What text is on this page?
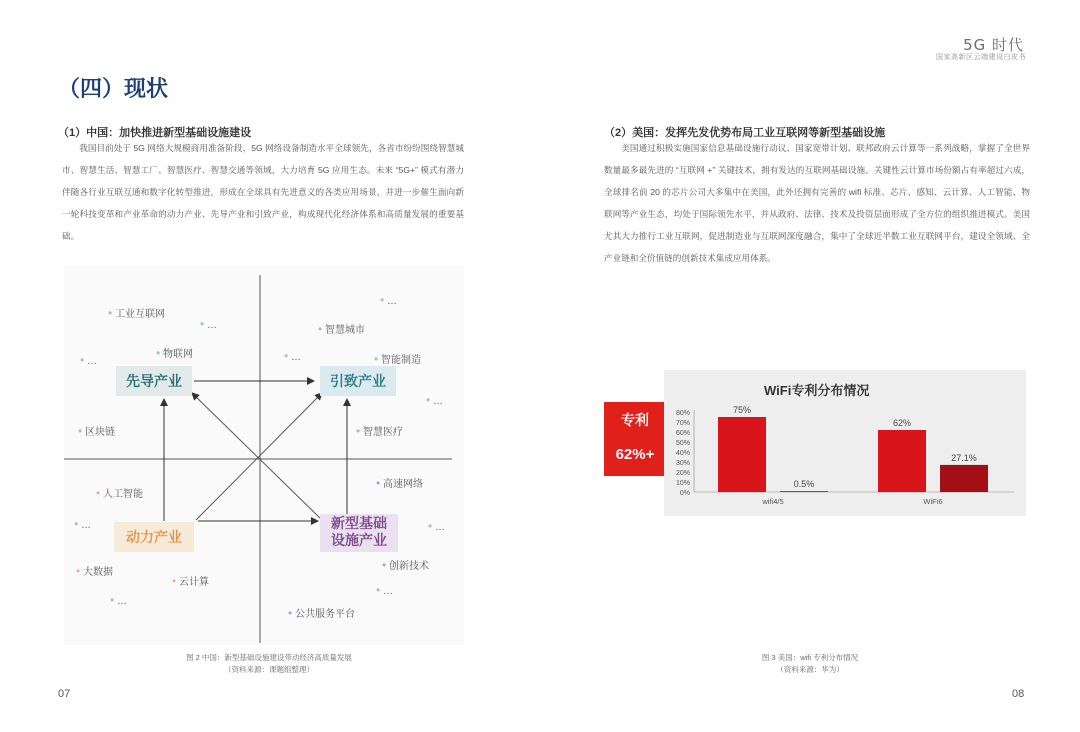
5G 时代
国家高新区云端建设白皮书
（四）现状
（1）中国：加快推进新型基础设施建设
我国目前处于 5G 网络大规模商用准备阶段，5G 网络设备制造水平全球领先，各省市纷纷围绕智慧城市、智慧生活、智慧工厂、智慧医疗、智慧交通等领域，大力培育 5G 应用生态。未来 “5G+” 模式有潜力伴随各行业互联互通和数字化转型推进，形成在全球具有先进意义的各类应用场景，并进一步催生面向新一轮科技变革和产业革命的动力产业、先导产业和引致产业，构成现代化经济体系和高质量发展的重要基础。
先导产业	引致产业
动力产业
新型基础
设施产业
• 工业互联网
• 物联网
• 区块链
• 人工智能
• 大数据
• 云计算
• 智慧城市
• 智能制造
• 智慧医疗
• 高速网络
• 创新技术
• 公共服务平台
• …
• …
• …
• …
• …
• …
• …
• …
• …
图 2 中国：新型基础设施建设带动经济高质量发展
（资料来源：课题组整理）
07
（2）美国：发挥先发优势布局工业互联网等新型基础设施
美国通过积极实施国家信息基础设施行动议、国家宽带计划、联邦政府云计算等一系列战略，掌握了全世界数量最多最先进的 “互联网 +” 关键技术，拥有发达的互联网基础设施。关键性云计算市场份额占有率超过六成，全球排名前 20 的芯片公司大多集中在美国，此外还拥有完善的 wifi 标准、芯片、感知、云计算、人工智能、物联网等产业生态，均处于国际领先水平，并从政府、法律、技术及投资层面形成了全方位的组织推进模式。美国尤其大力推行工业互联网，促进制造业与互联网深度融合，集中了全球近半数工业互联网平台，建设全领域、全产业链和全价值链的创新技术集成应用体系。
专利
62%+
WiFi专利分布情况
80%
70%
60%
50%
40%
30%
20%
10%
0%
75%
0.5%
wifi4/5
62%
27.1%
WiFi6
图 3 美国：wifi 专利分布情况
（资料来源：华为）
08
